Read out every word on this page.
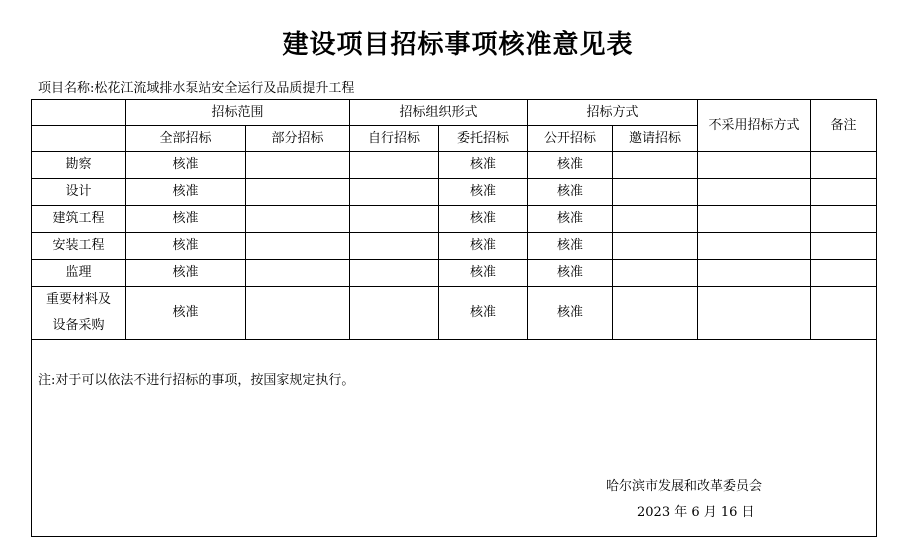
建设项目招标事项核准意见表
项目名称:松花江流域排水泵站安全运行及品质提升工程
	招标范围		招标组织形式		招标方式		不采用招标方式	备注
	全部招标	部分招标	自行招标	委托招标	公开招标	邀请招标		
勘察	核准			核准	核准			
设计	核准			核准	核准			
建筑工程	核准			核准	核准			
安装工程	核准			核准	核准			
监理	核准			核准	核准			

重要材料及
设备采购	核准			核准	核准			

注:对于可以依法不进行招标的事项，按国家规定执行。
哈尔滨市发展和改革委员会
2023 年 6 月 16 日								
